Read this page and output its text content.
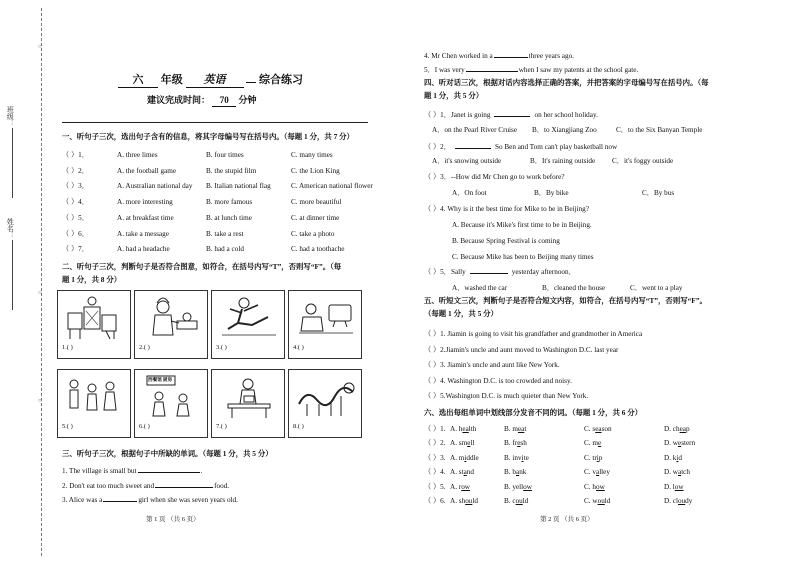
班级：
姓名：
○
○
○
六 年级 英语	综合练习
建议完成时间： 70 分钟
一、听句子三次，选出句子含有的信息，将其字母编号写在括号内。（每题 1 分，共 7 分）
（ ）1．	A. three limes	B. four times	C. many times
（ ）2．	A. the football game	B. the stupid film	C. the Lion King
（ ）3．	A. Australian national day B. Italian national flag	C. American national flower
（ ）4．	A. more interesting	B. more famous	C. more beautiful
（ ）5．	A. at breakfast time	B. at lunch time	C. at dinner time
（ ）6．	A. take a message	B. take a rest	C. take a photo
（ ）7．	A. had a headache	B. had a cold	C. had a toothache
二、听句子三次，判断句子是否符合图意，如符合，在括号内写“T”，否则写“F”。（每
题 1 分，共 8 分）
1.( )	2.( )	3.( )	4.( )
5.( )
西餐馆 厨房
6.( )	7.( )	8.( )
三、听句子三次，根据句子中所缺的单词。（每题 1 分，共 5 分）
1. The village is small but	.
2. Don't eat too much sweet and	food.
3. Alice was a	girl when she was seven years old.
第 1 页 （共 6 页）
4. Mr Chen worked in a	three years ago.
5．I was very	when I saw my patents at the school gate.
四、听对话三次，根据对话内容选择正确的答案，并把答案的字母编号写在括号内。（每
题 1 分，共 5 分）
（ ）1．Janet is going	on her school holiday.
A．on the Pearl River Cruise B．to Xiangjiang Zoo	C．to the Six Banyan Temple
（ ）2．	So Ben and Tom can't play basketball now
A．it's snowing outside	B．It's raining outside C．it's foggy outside
（ ）3．--How did Mr Chen go to work before?
A．On foot	B．By bike	C．By bus
（ ）4. Why is it the best time for Mike to be in Beijing?
A. Because it's Mike's first time to be in Beijing.
B. Because Spring Festival is coming
C. Because Mike has been to Beijing many times
（ ）5．Sally	yesterday afternoon．
A．washed the car	B．cleaned the house	C．went to a play
五、听短文三次，判断句子是否符合短文内容，如符合，在括号内写“T”，否则写“F”。
（每题 1 分，共 5 分）
（ ）1. Jiamin is going to visit his grandfather and grandmother in America
（ ）2.Jiamin's uncle and aunt moved to Washington D.C. last year
（ ）3. Jiamin's uncle and aunt like New York.
（ ）4. Washington D.C. is too crowded and noisy.
（ ）5.Washington D.C. is much quieter than New York.
六、选出每组单词中划线部分发音不同的词。（每题 1 分，共 6 分）
（ ）1. A. health	B. meat	C. season	D. cheap
（ ）2. A. smell	B. fresh	C. me	D. western
（ ）3. A. middle	B. invite	C. trip	D. kid
（ ）4. A. stand	B. bank	C. valley	D. watch
（ ）5. A. row	B. yellow	C. how	D. low
（ ）6. A. should	B. could	C. would	D. cloudy
第 2 页 （共 6 页）
